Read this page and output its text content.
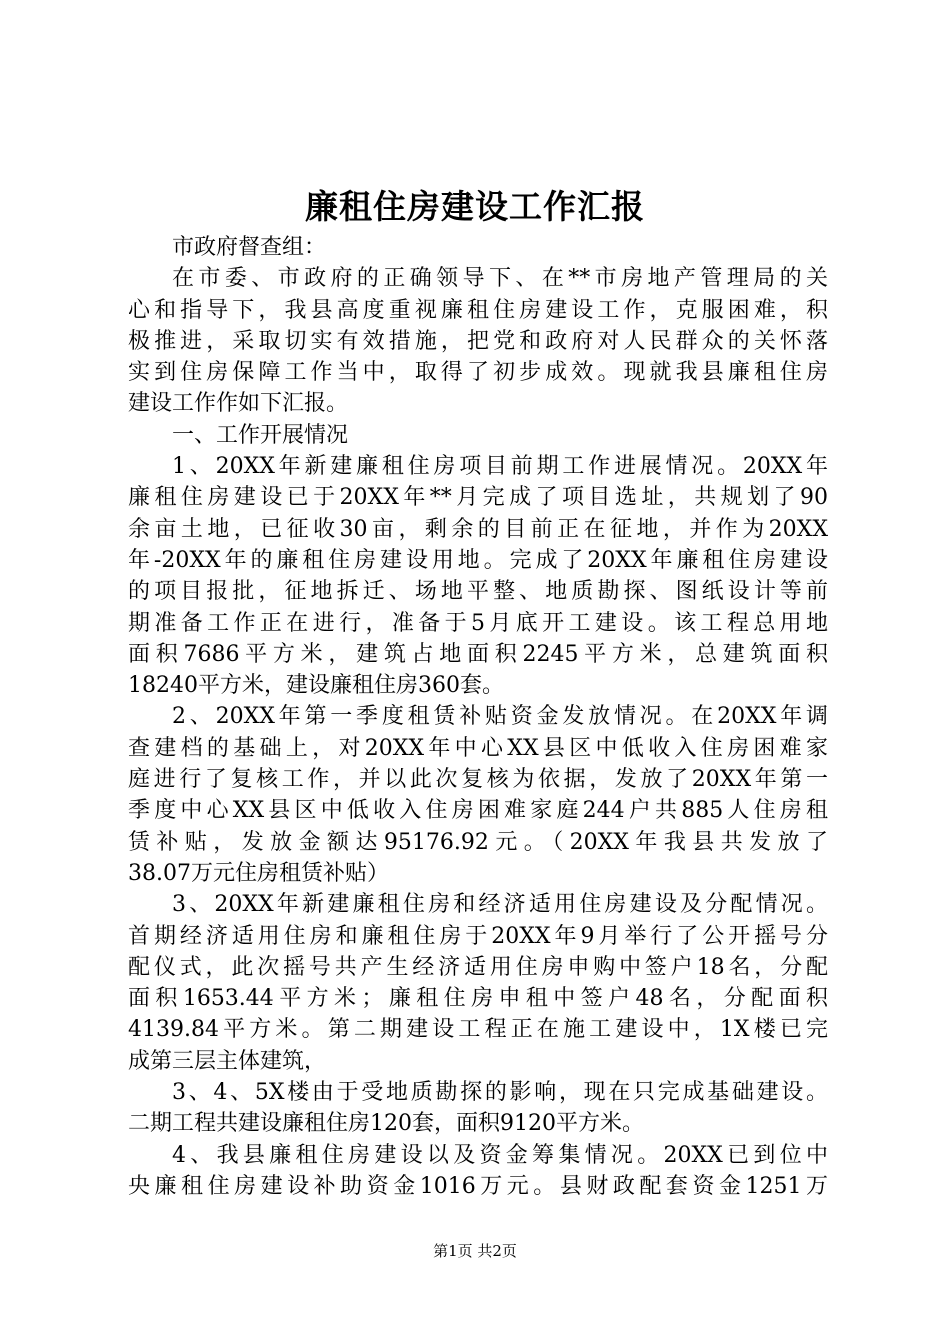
廉租住房建设工作汇报
市政府督查组：
在市委、市政府的正确领导下、在**市房地产管理局的关
心和指导下，我县高度重视廉租住房建设工作，克服困难，积
极推进，采取切实有效措施，把党和政府对人民群众的关怀落
实到住房保障工作当中，取得了初步成效。现就我县廉租住房
建设工作作如下汇报。
一、工作开展情况
1、20XX年新建廉租住房项目前期工作进展情况。20XX年
廉租住房建设已于20XX年**月完成了项目选址，共规划了90
余亩土地，已征收30亩，剩余的目前正在征地，并作为20XX
年-20XX年的廉租住房建设用地。完成了20XX年廉租住房建设
的项目报批，征地拆迁、场地平整、地质勘探、图纸设计等前
期准备工作正在进行，准备于5月底开工建设。该工程总用地
面积7686平方米，建筑占地面积2245平方米，总建筑面积
18240平方米，建设廉租住房360套。
2、20XX年第一季度租赁补贴资金发放情况。在20XX年调
查建档的基础上，对20XX年中心XX县区中低收入住房困难家
庭进行了复核工作，并以此次复核为依据，发放了20XX年第一
季度中心XX县区中低收入住房困难家庭244户共885人住房租
赁补贴，发放金额达95176.92元。（20XX年我县共发放了
38.07万元住房租赁补贴）
3、20XX年新建廉租住房和经济适用住房建设及分配情况。
首期经济适用住房和廉租住房于20XX年9月举行了公开摇号分
配仪式，此次摇号共产生经济适用住房申购中签户18名，分配
面积1653.44平方米；廉租住房申租中签户48名，分配面积
4139.84平方米。第二期建设工程正在施工建设中，1X楼已完
成第三层主体建筑，
3、4、5X楼由于受地质勘探的影响，现在只完成基础建设。
二期工程共建设廉租住房120套，面积9120平方米。
4、我县廉租住房建设以及资金筹集情况。20XX已到位中
央廉租住房建设补助资金1016万元。县财政配套资金1251万
第1页 共2页
